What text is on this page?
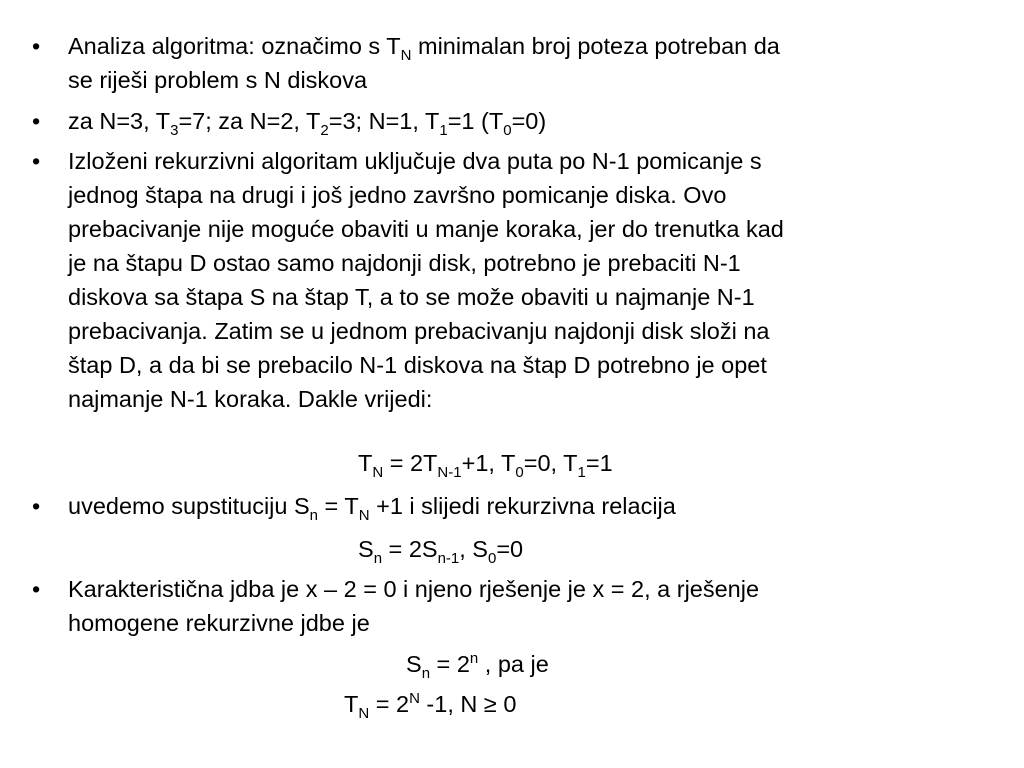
• Analiza algoritma: označimo s $T_N$ minimalan broj poteza potreban da
se riješi problem s N diskova
• za N=3, $T_3=7$; za N=2, $T_2=3$; N=1, $T_1=1$ $(T_0=0)$
• Izloženi rekurzivni algoritam uključuje dva puta po N-1 pomicanje s
jednog štapa na drugi i još jedno završno pomicanje diska. Ovo
prebacivanje nije moguće obaviti u manje koraka, jer do trenutka kad
je na štapu D ostao samo najdonji disk, potrebno je prebaciti N-1
diskova sa štapa S na štap T, a to se može obaviti u najmanje N-1
prebacivanja. Zatim se u jednom prebacivanju najdonji disk složi na
štap D, a da bi se prebacilo N-1 diskova na štap D potrebno je opet
najmanje N-1 koraka. Dakle vrijedi:
$T_N = 2T_{N-1}+1$, $T_0=0$, $T_1=1$
• uvedemo supstituciju $S_n = T_N +1$ i slijedi rekurzivna relacija
$S_n = 2S_{n-1}$, $S_0=0$
• Karakteristična jdba je x – 2 = 0 i njeno rješenje je x = 2, a rješenje
homogene rekurzivne jdbe je
$S_n = 2^n$ , pa je
$T_N = 2^N$ -1, N ≥ 0
